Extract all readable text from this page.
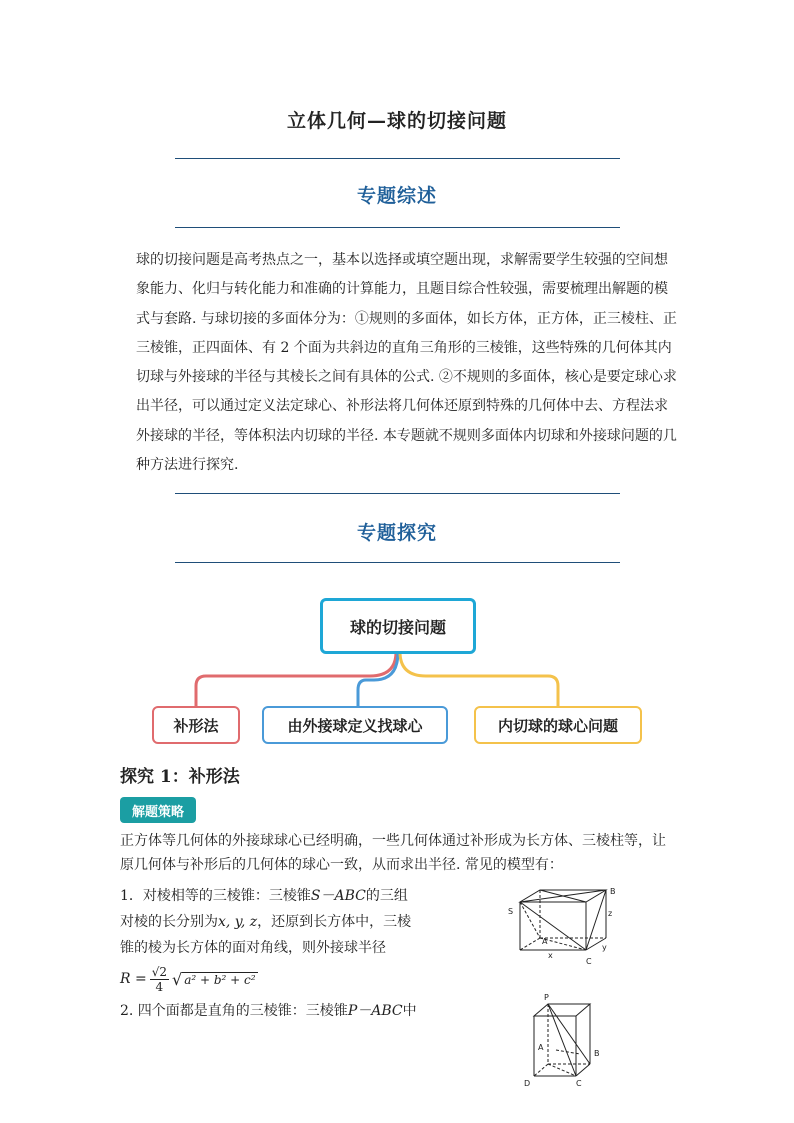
立体几何—球的切接问题
专题综述
球的切接问题是高考热点之一，基本以选择或填空题出现，求解需要学生较强的空间想
象能力、化归与转化能力和准确的计算能力，且题目综合性较强，需要梳理出解题的模
式与套路. 与球切接的多面体分为：①规则的多面体，如长方体，正方体，正三棱柱、正
三棱锥，正四面体、有 2 个面为共斜边的直角三角形的三棱锥，这些特殊的几何体其内
切球与外接球的半径与其棱长之间有具体的公式. ②不规则的多面体，核心是要定球心求
出半径，可以通过定义法定球心、补形法将几何体还原到特殊的几何体中去、方程法求
外接球的半径，等体积法内切球的半径. 本专题就不规则多面体内切球和外接球问题的几
种方法进行探究.
专题探究
球的切接问题
补形法	由外接球定义找球心	内切球的球心问题
探究 1：补形法
解题策略
正方体等几何体的外接球球心已经明确，一些几何体通过补形成为长方体、三棱柱等，让
原几何体与补形后的几何体的球心一致，从而求出半径. 常见的模型有：
1．对棱相等的三棱锥：三棱锥S－ABC的三组
对棱的长分别为x, y, z，还原到长方体中，三棱
锥的棱为长方体的面对角线，则外接球半径
$R = \frac{√2}{4}$ √ a² + b² + c²
2. 四个面都是直角的三棱锥：三棱锥P－ABC中
S
B
A
C
x
y
z
P
A
B
C
D
